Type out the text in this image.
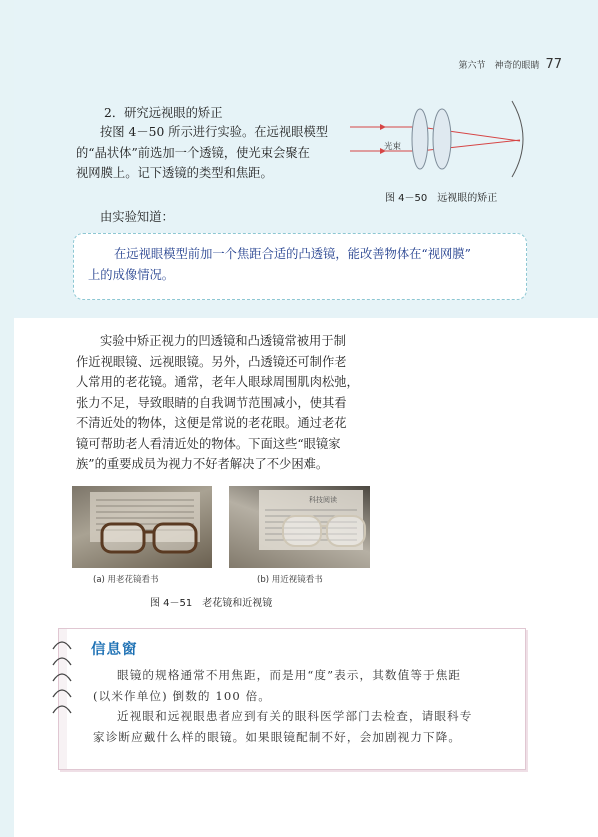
第六节　神奇的眼睛 77
2．研究远视眼的矫正
按图 4－50 所示进行实验。在远视眼模型
的“晶状体”前选加一个透镜，使光束会聚在
视网膜上。记下透镜的类型和焦距。
光束
图 4－50　远视眼的矫正
由实验知道：
在远视眼模型前加一个焦距合适的凸透镜，能改善物体在“视网膜”
上的成像情况。
实验中矫正视力的凹透镜和凸透镜常被用于制
作近视眼镜、远视眼镜。另外，凸透镜还可制作老
人常用的老花镜。通常，老年人眼球周围肌肉松弛，
张力不足，导致眼睛的自我调节范围减小，使其看
不清近处的物体，这便是常说的老花眼。通过老花
镜可帮助老人看清近处的物体。下面这些“眼镜家
族”的重要成员为视力不好者解决了不少困难。
科技阅读
(a) 用老花镜看书	(b) 用近视镜看书
图 4－51　老花镜和近视镜
信息窗
眼镜的规格通常不用焦距，而是用“度”表示，其数值等于焦距
(以米作单位) 倒数的 100 倍。
近视眼和远视眼患者应到有关的眼科医学部门去检查，请眼科专
家诊断应戴什么样的眼镜。如果眼镜配制不好，会加剧视力下降。
